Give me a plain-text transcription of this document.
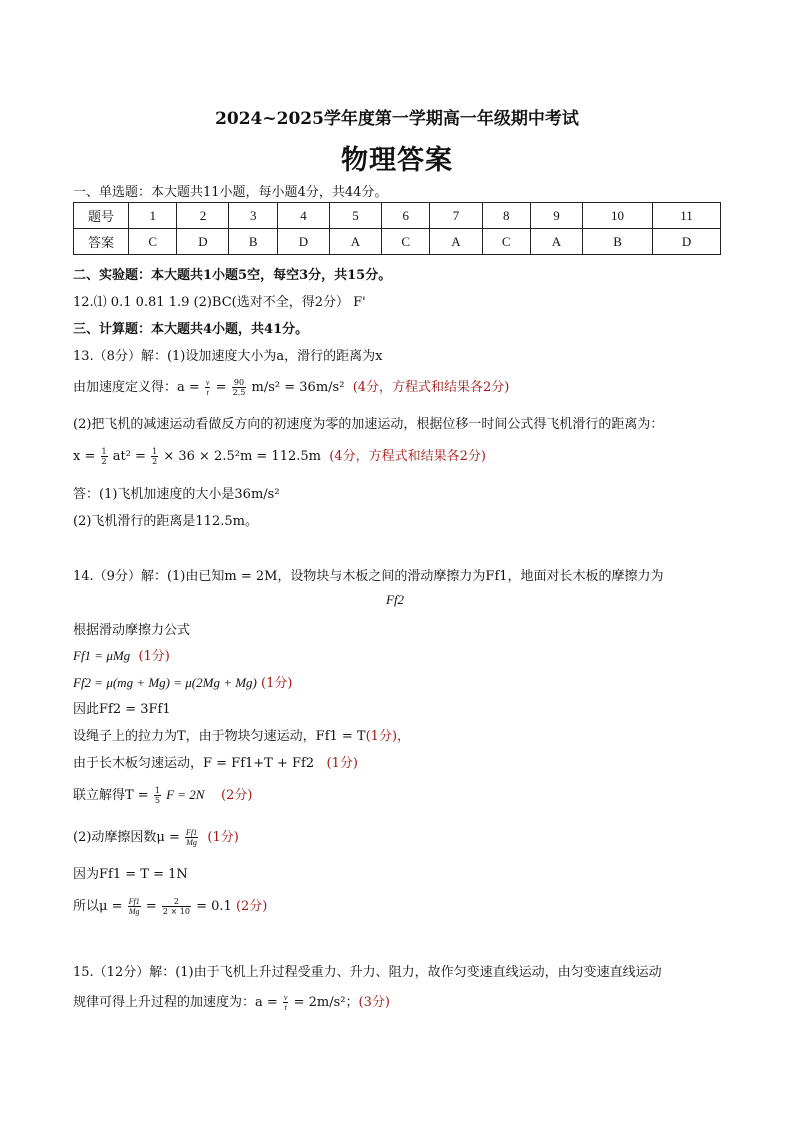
2024~2025学年度第一学期高一年级期中考试
物理答案
一、单选题：本大题共11小题，每小题4分，共44分。
题号	1	2	3	4	5	6	7	8	9	10	11
答案	C	D	B	D	A	C	A	C	A	B	D
二、实验题：本大题共1小题5空，每空3分，共15分。
12.⑴ 0.1 0.81 1.9 (2)BC(选对不全，得2分） F'
三、计算题：本大题共4小题，共41分。
13.（8分）解：(1)设加速度大小为a，滑行的距离为x
由加速度定义得：$a = \frac{v}{t} = \frac{90}{2.5} m/s^2 = 36m/s^2$ (4分，方程式和结果各2分)
(2)把飞机的减速运动看做反方向的初速度为零的加速运动，根据位移一时间公式得飞机滑行的距离为：
$x = \frac{1}{2} at^2 = \frac{1}{2} \times 36 \times 2.5^2m = 112.5m$ (4分，方程式和结果各2分)
答：(1)飞机加速度的大小是36m/s²
(2)飞机滑行的距离是112.5m。
14.（9分）解：(1)由已知m = 2M，设物块与木板之间的滑动摩擦力为Ff1，地面对长木板的摩擦力为
Ff2
根据滑动摩擦力公式
Ff1 = μMg (1分)
Ff2 = μ(mg + Mg) = μ(2Mg + Mg) (1分)
因此Ff2 = 3Ff1
设绳子上的拉力为T，由于物块匀速运动，Ff1 = T(1分)，
由于长木板匀速运动，F = Ff1+T + Ff2 (1分)
联立解得$T = \frac{1}{5}$ F = 2N (2分)
(2)动摩擦因数$\mu = \frac{Ff1}{Mg} (1$分)
因为Ff1 = T = 1N
所以$\mu = \frac{Ff1}{Mg} = \frac{2}{2 \times 10} = 0.1$ (2分)
15.（12分）解：(1)由于飞机上升过程受重力、升力、阻力，故作匀变速直线运动，由匀变速直线运动
规律可得上升过程的加速度为：$a = \frac{v}{t} = 2m/s^2$；(3分)
